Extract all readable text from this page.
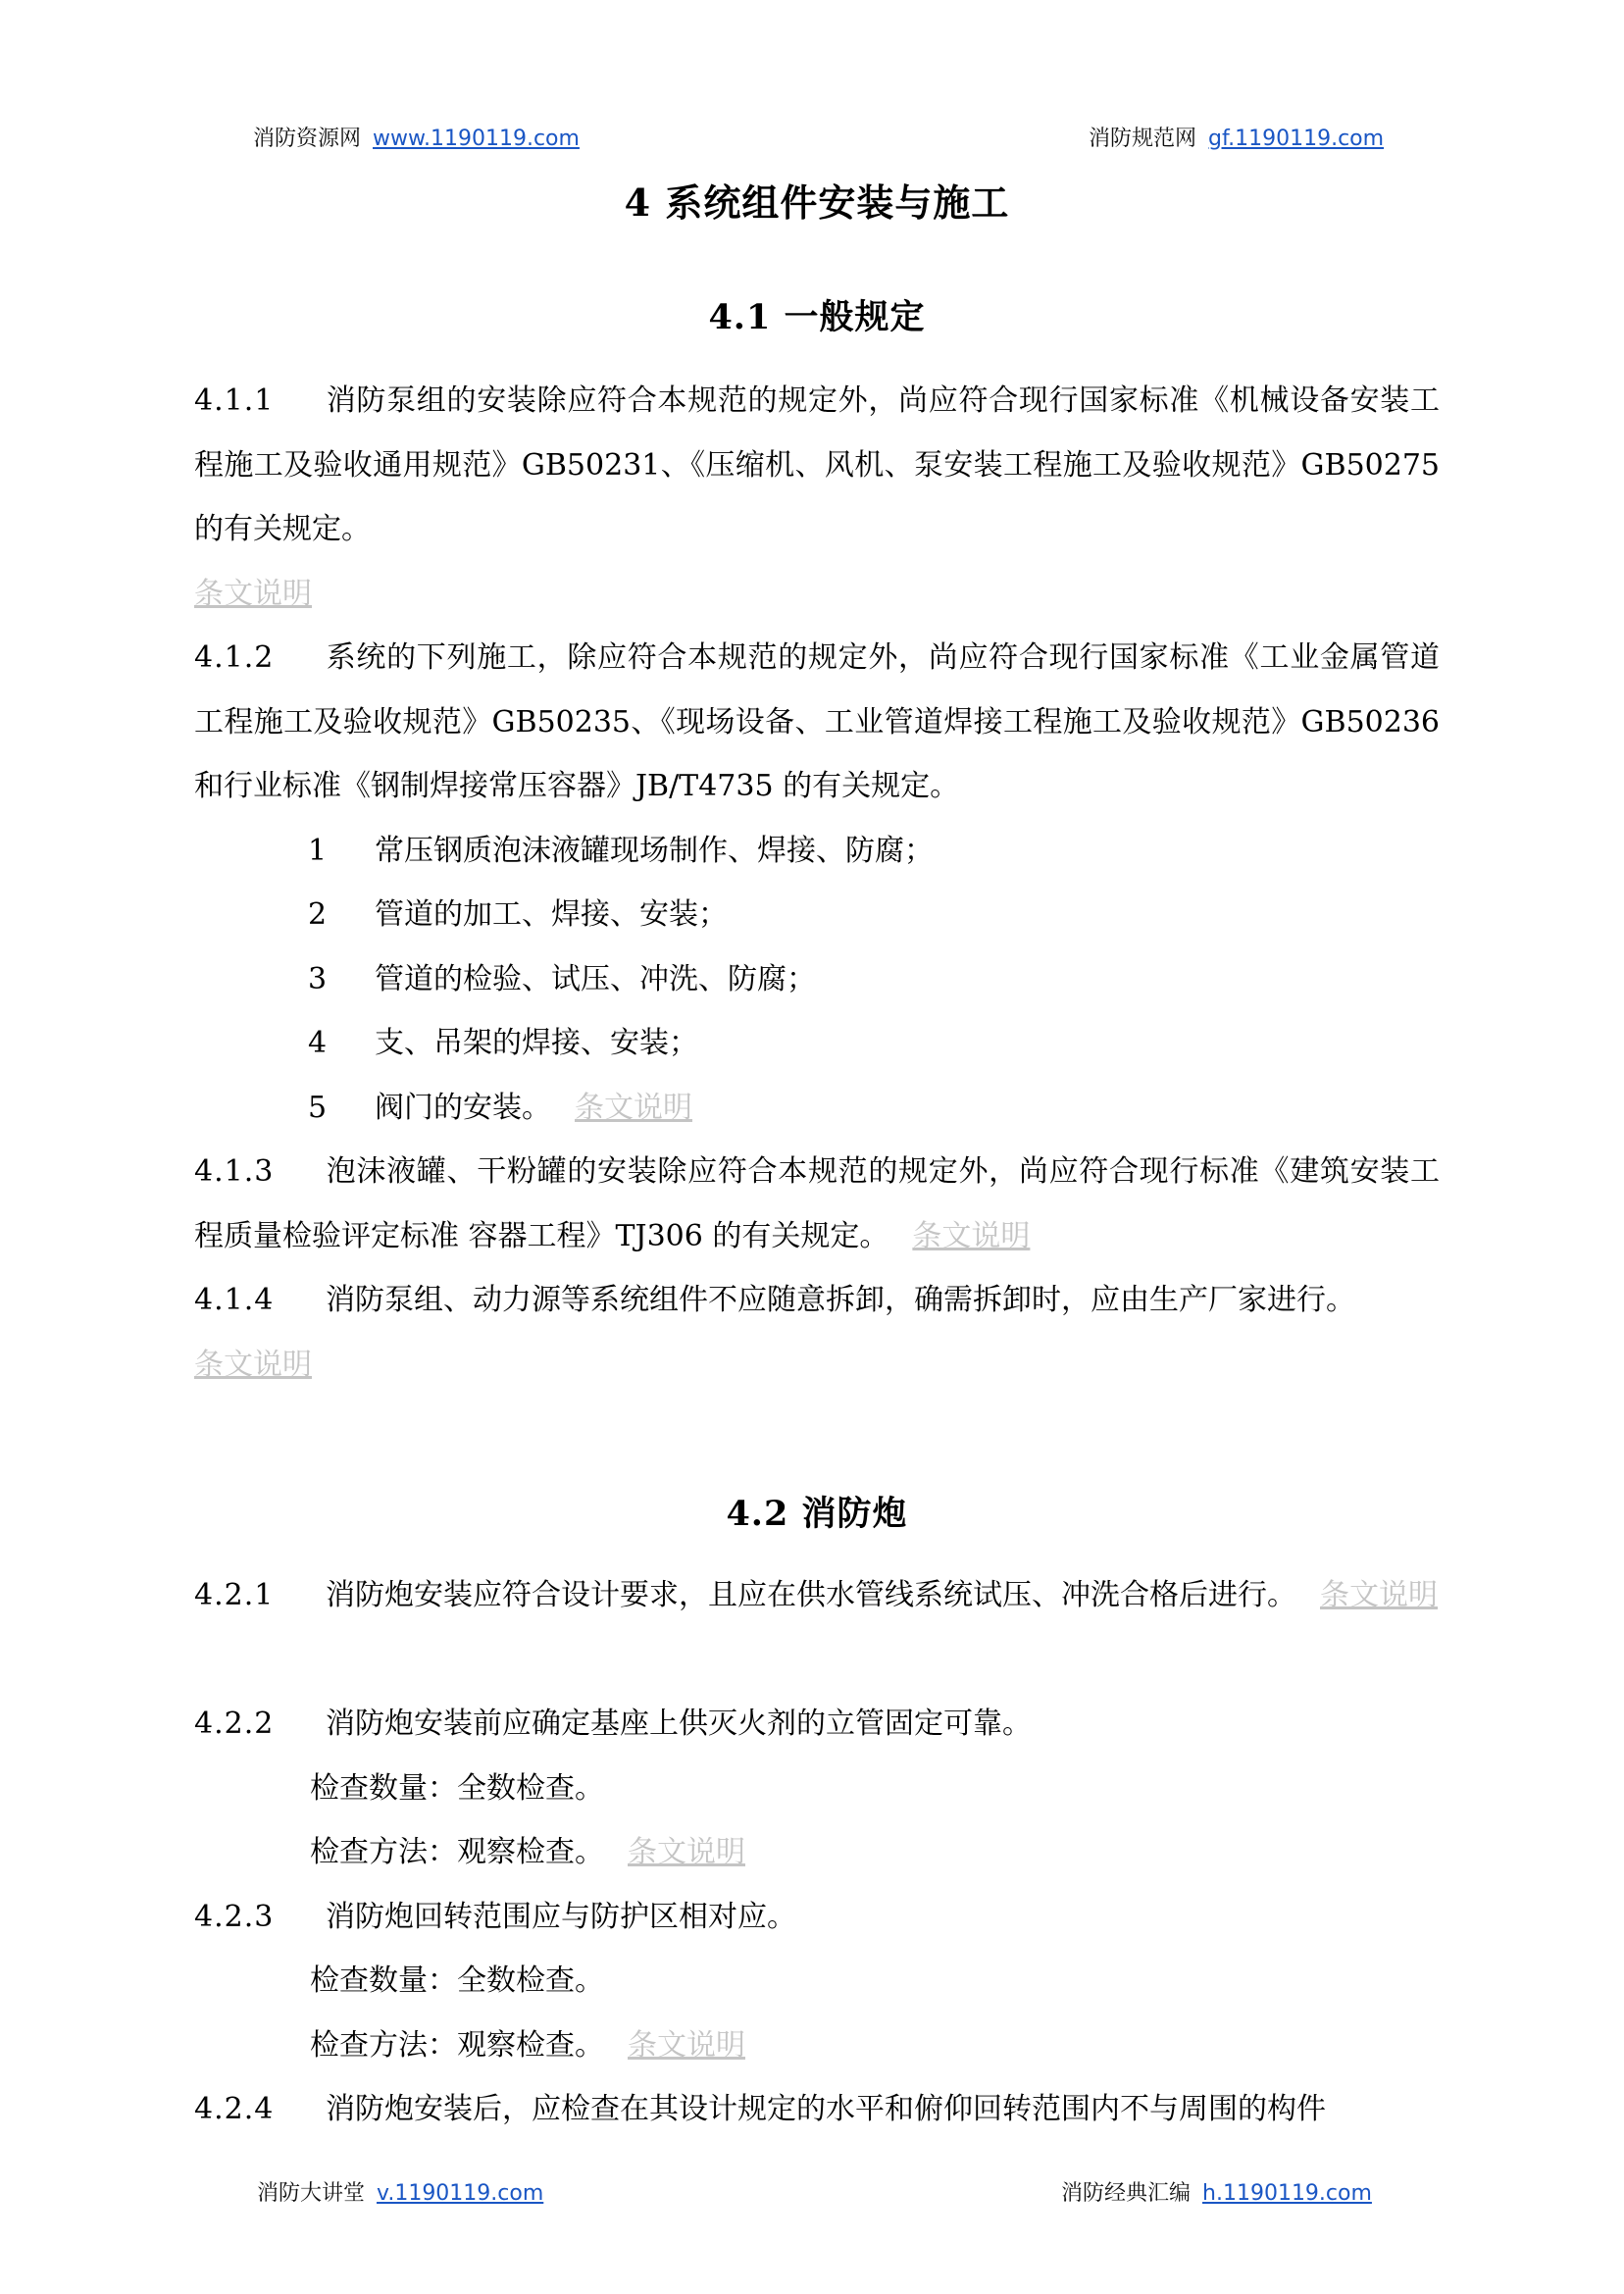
消防资源网 www.1190119.com	消防规范网 gf.1190119.com
4 系统组件安装与施工
4.1 一般规定
4.1.1 消防泵组的安装除应符合本规范的规定外，尚应符合现行国家标准《机械设备安装工程施工及验收通用规范》GB50231、《压缩机、风机、泵安装工程施工及验收规范》GB50275 的有关规定。
条文说明
4.1.2 系统的下列施工，除应符合本规范的规定外，尚应符合现行国家标准《工业金属管道工程施工及验收规范》GB50235、《现场设备、工业管道焊接工程施工及验收规范》GB50236 和行业标准《钢制焊接常压容器》JB/T4735 的有关规定。
1 常压钢质泡沫液罐现场制作、焊接、防腐；
2 管道的加工、焊接、安装；
3 管道的检验、试压、冲洗、防腐；
4 支、吊架的焊接、安装；
5 阀门的安装。 条文说明
4.1.3 泡沫液罐、干粉罐的安装除应符合本规范的规定外，尚应符合现行标准《建筑安装工程质量检验评定标准 容器工程》TJ306 的有关规定。 条文说明
4.1.4 消防泵组、动力源等系统组件不应随意拆卸，确需拆卸时，应由生产厂家进行。
条文说明
4.2 消防炮
4.2.1 消防炮安装应符合设计要求，且应在供水管线系统试压、冲洗合格后进行。 条文说明
4.2.2 消防炮安装前应确定基座上供灭火剂的立管固定可靠。
检查数量：全数检查。
检查方法：观察检查。 条文说明
4.2.3 消防炮回转范围应与防护区相对应。
检查数量：全数检查。
检查方法：观察检查。 条文说明
4.2.4 消防炮安装后，应检查在其设计规定的水平和俯仰回转范围内不与周围的构件
消防大讲堂 v.1190119.com	消防经典汇编 h.1190119.com
